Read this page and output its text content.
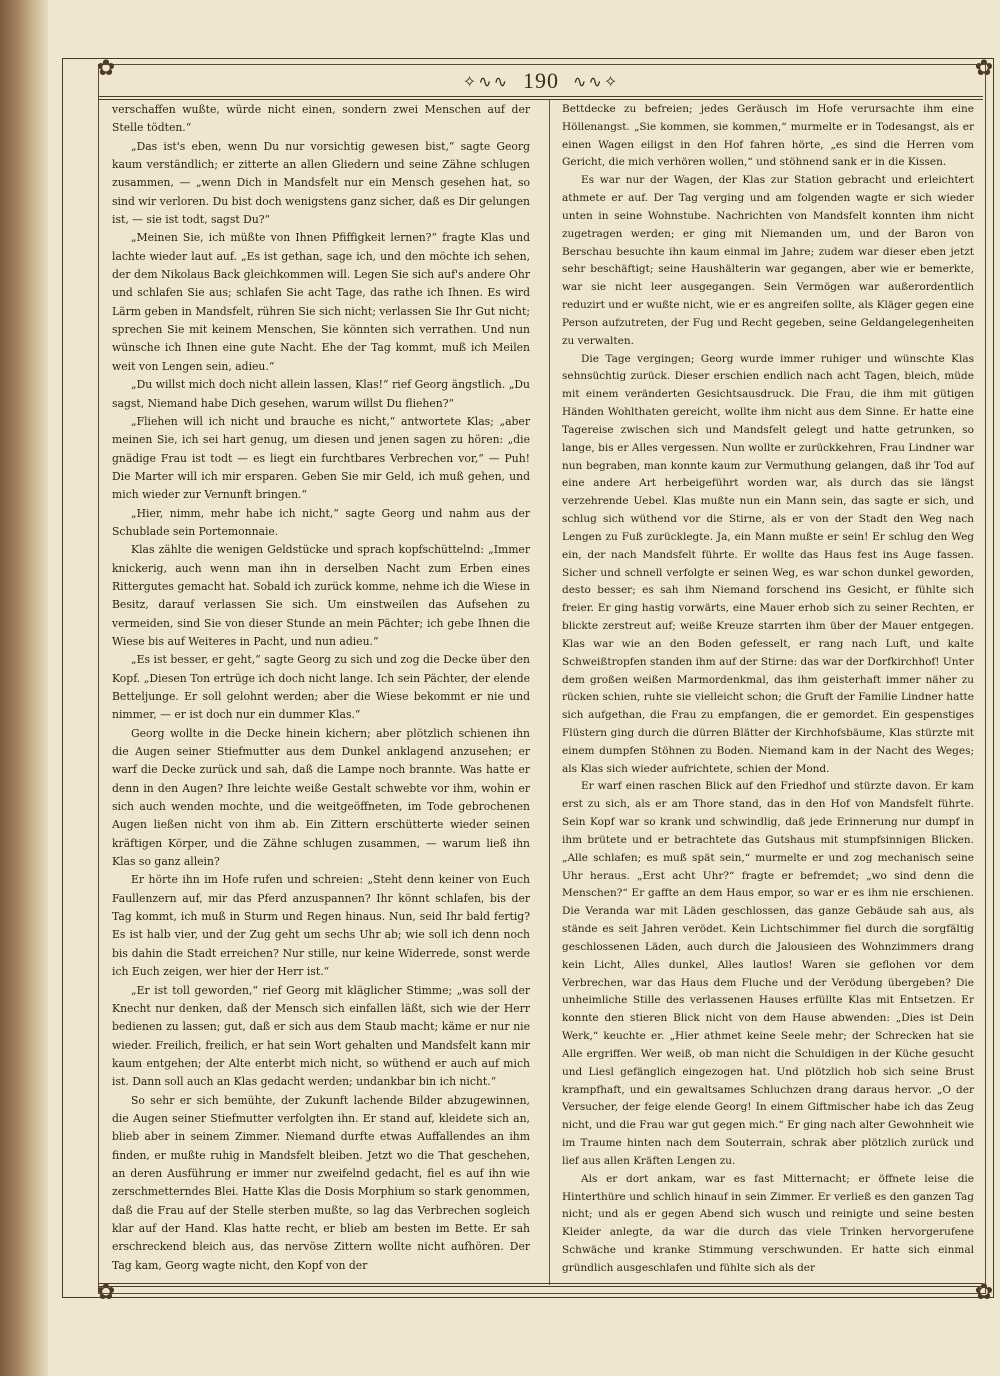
✿	✿
✿	✿
✧∿∿ 190 ∿∿✧

verschaffen wußte, würde nicht einen, sondern zwei Menschen auf der Stelle tödten.“

„Das ist's eben, wenn Du nur vorsichtig gewesen bist,“ sagte Georg kaum verständlich; er zitterte an allen Gliedern und seine Zähne schlugen zusammen, — „wenn Dich in Mandsfelt nur ein Mensch gesehen hat, so sind wir verloren. Du bist doch wenigstens ganz sicher, daß es Dir gelungen ist, — sie ist todt, sagst Du?“

„Meinen Sie, ich müßte von Ihnen Pfiffigkeit lernen?“ fragte Klas und lachte wieder laut auf. „Es ist gethan, sage ich, und den möchte ich sehen, der dem Nikolaus Back gleichkommen will. Legen Sie sich auf's andere Ohr und schlafen Sie aus; schlafen Sie acht Tage, das rathe ich Ihnen. Es wird Lärm geben in Mandsfelt, rühren Sie sich nicht; verlassen Sie Ihr Gut nicht; sprechen Sie mit keinem Menschen, Sie könnten sich verrathen. Und nun wünsche ich Ihnen eine gute Nacht. Ehe der Tag kommt, muß ich Meilen weit von Lengen sein, adieu.“

„Du willst mich doch nicht allein lassen, Klas!“ rief Georg ängstlich. „Du sagst, Niemand habe Dich gesehen, warum willst Du fliehen?“

„Fliehen will ich nicht und brauche es nicht,“ antwortete Klas; „aber meinen Sie, ich sei hart genug, um diesen und jenen sagen zu hören: „die gnädige Frau ist todt — es liegt ein furchtbares Verbrechen vor,“ — Puh! Die Marter will ich mir ersparen. Geben Sie mir Geld, ich muß gehen, und mich wieder zur Vernunft bringen.“

„Hier, nimm, mehr habe ich nicht,“ sagte Georg und nahm aus der Schublade sein Portemonnaie.

Klas zählte die wenigen Geldstücke und sprach kopfschüttelnd: „Immer knickerig, auch wenn man ihn in derselben Nacht zum Erben eines Rittergutes gemacht hat. Sobald ich zurück komme, nehme ich die Wiese in Besitz, darauf verlassen Sie sich. Um einstweilen das Aufsehen zu vermeiden, sind Sie von dieser Stunde an mein Pächter; ich gebe Ihnen die Wiese bis auf Weiteres in Pacht, und nun adieu.“

„Es ist besser, er geht,“ sagte Georg zu sich und zog die Decke über den Kopf. „Diesen Ton ertrüge ich doch nicht lange. Ich sein Pächter, der elende Betteljunge. Er soll gelohnt werden; aber die Wiese bekommt er nie und nimmer, — er ist doch nur ein dummer Klas.“

Georg wollte in die Decke hinein kichern; aber plötzlich schienen ihn die Augen seiner Stiefmutter aus dem Dunkel anklagend anzusehen; er warf die Decke zurück und sah, daß die Lampe noch brannte. Was hatte er denn in den Augen? Ihre leichte weiße Gestalt schwebte vor ihm, wohin er sich auch wenden mochte, und die weitgeöffneten, im Tode gebrochenen Augen ließen nicht von ihm ab. Ein Zittern erschütterte wieder seinen kräftigen Körper, und die Zähne schlugen zusammen, — warum ließ ihn Klas so ganz allein?

Er hörte ihn im Hofe rufen und schreien: „Steht denn keiner von Euch Faullenzern auf, mir das Pferd anzuspannen? Ihr könnt schlafen, bis der Tag kommt, ich muß in Sturm und Regen hinaus. Nun, seid Ihr bald fertig? Es ist halb vier, und der Zug geht um sechs Uhr ab; wie soll ich denn noch bis dahin die Stadt erreichen? Nur stille, nur keine Widerrede, sonst werde ich Euch zeigen, wer hier der Herr ist.“

„Er ist toll geworden,“ rief Georg mit kläglicher Stimme; „was soll der Knecht nur denken, daß der Mensch sich einfallen läßt, sich wie der Herr bedienen zu lassen; gut, daß er sich aus dem Staub macht; käme er nur nie wieder. Freilich, freilich, er hat sein Wort gehalten und Mandsfelt kann mir kaum entgehen; der Alte enterbt mich nicht, so wüthend er auch auf mich ist. Dann soll auch an Klas gedacht werden; undankbar bin ich nicht.“

So sehr er sich bemühte, der Zukunft lachende Bilder abzugewinnen, die Augen seiner Stiefmutter verfolgten ihn. Er stand auf, kleidete sich an, blieb aber in seinem Zimmer. Niemand durfte etwas Auffallendes an ihm finden, er mußte ruhig in Mandsfelt bleiben. Jetzt wo die That geschehen, an deren Ausführung er immer nur zweifelnd gedacht, fiel es auf ihn wie zerschmetterndes Blei. Hatte Klas die Dosis Morphium so stark genommen, daß die Frau auf der Stelle sterben mußte, so lag das Verbrechen sogleich klar auf der Hand. Klas hatte recht, er blieb am besten im Bette. Er sah erschreckend bleich aus, das nervöse Zittern wollte nicht aufhören. Der Tag kam, Georg wagte nicht, den Kopf von der

Bettdecke zu befreien; jedes Geräusch im Hofe verursachte ihm eine Höllenangst. „Sie kommen, sie kommen,“ murmelte er in Todesangst, als er einen Wagen eiligst in den Hof fahren hörte, „es sind die Herren vom Gericht, die mich verhören wollen,“ und stöhnend sank er in die Kissen.

Es war nur der Wagen, der Klas zur Station gebracht und erleichtert athmete er auf. Der Tag verging und am folgenden wagte er sich wieder unten in seine Wohnstube. Nachrichten von Mandsfelt konnten ihm nicht zugetragen werden; er ging mit Niemanden um, und der Baron von Berschau besuchte ihn kaum einmal im Jahre; zudem war dieser eben jetzt sehr beschäftigt; seine Haushälterin war gegangen, aber wie er bemerkte, war sie nicht leer ausgegangen. Sein Vermögen war außerordentlich reduzirt und er wußte nicht, wie er es angreifen sollte, als Kläger gegen eine Person aufzutreten, der Fug und Recht gegeben, seine Geldangelegenheiten zu verwalten.

Die Tage vergingen; Georg wurde immer ruhiger und wünschte Klas sehnsüchtig zurück. Dieser erschien endlich nach acht Tagen, bleich, müde mit einem veränderten Gesichtsausdruck. Die Frau, die ihm mit gütigen Händen Wohlthaten gereicht, wollte ihm nicht aus dem Sinne. Er hatte eine Tagereise zwischen sich und Mandsfelt gelegt und hatte getrunken, so lange, bis er Alles vergessen. Nun wollte er zurückkehren, Frau Lindner war nun begraben, man konnte kaum zur Vermuthung gelangen, daß ihr Tod auf eine andere Art herbeigeführt worden war, als durch das sie längst verzehrende Uebel. Klas mußte nun ein Mann sein, das sagte er sich, und schlug sich wüthend vor die Stirne, als er von der Stadt den Weg nach Lengen zu Fuß zurücklegte. Ja, ein Mann mußte er sein! Er schlug den Weg ein, der nach Mandsfelt führte. Er wollte das Haus fest ins Auge fassen. Sicher und schnell verfolgte er seinen Weg, es war schon dunkel geworden, desto besser; es sah ihm Niemand forschend ins Gesicht, er fühlte sich freier. Er ging hastig vorwärts, eine Mauer erhob sich zu seiner Rechten, er blickte zerstreut auf; weiße Kreuze starrten ihm über der Mauer entgegen. Klas war wie an den Boden gefesselt, er rang nach Luft, und kalte Schweißtropfen standen ihm auf der Stirne: das war der Dorfkirchhof! Unter dem großen weißen Marmordenkmal, das ihm geisterhaft immer näher zu rücken schien, ruhte sie vielleicht schon; die Gruft der Familie Lindner hatte sich aufgethan, die Frau zu empfangen, die er gemordet. Ein gespenstiges Flüstern ging durch die dürren Blätter der Kirchhofsbäume, Klas stürzte mit einem dumpfen Stöhnen zu Boden. Niemand kam in der Nacht des Weges; als Klas sich wieder aufrichtete, schien der Mond.

Er warf einen raschen Blick auf den Friedhof und stürzte davon. Er kam erst zu sich, als er am Thore stand, das in den Hof von Mandsfelt führte. Sein Kopf war so krank und schwindlig, daß jede Erinnerung nur dumpf in ihm brütete und er betrachtete das Gutshaus mit stumpfsinnigen Blicken. „Alle schlafen; es muß spät sein,“ murmelte er und zog mechanisch seine Uhr heraus. „Erst acht Uhr?“ fragte er befremdet; „wo sind denn die Menschen?“ Er gaffte an dem Haus empor, so war er es ihm nie erschienen. Die Veranda war mit Läden geschlossen, das ganze Gebäude sah aus, als stände es seit Jahren verödet. Kein Lichtschimmer fiel durch die sorgfältig geschlossenen Läden, auch durch die Jalousieen des Wohnzimmers drang kein Licht, Alles dunkel, Alles lautlos! Waren sie geflohen vor dem Verbrechen, war das Haus dem Fluche und der Verödung übergeben? Die unheimliche Stille des verlassenen Hauses erfüllte Klas mit Entsetzen. Er konnte den stieren Blick nicht von dem Hause abwenden: „Dies ist Dein Werk,“ keuchte er. „Hier athmet keine Seele mehr; der Schrecken hat sie Alle ergriffen. Wer weiß, ob man nicht die Schuldigen in der Küche gesucht und Liesl gefänglich eingezogen hat. Und plötzlich hob sich seine Brust krampfhaft, und ein gewaltsames Schluchzen drang daraus hervor. „O der Versucher, der feige elende Georg! In einem Giftmischer habe ich das Zeug nicht, und die Frau war gut gegen mich.“ Er ging nach alter Gewohnheit wie im Traume hinten nach dem Souterrain, schrak aber plötzlich zurück und lief aus allen Kräften Lengen zu.

Als er dort ankam, war es fast Mitternacht; er öffnete leise die Hinterthüre und schlich hinauf in sein Zimmer. Er verließ es den ganzen Tag nicht; und als er gegen Abend sich wusch und reinigte und seine besten Kleider anlegte, da war die durch das viele Trinken hervorgerufene Schwäche und kranke Stimmung verschwunden. Er hatte sich einmal gründlich ausgeschlafen und fühlte sich als der
